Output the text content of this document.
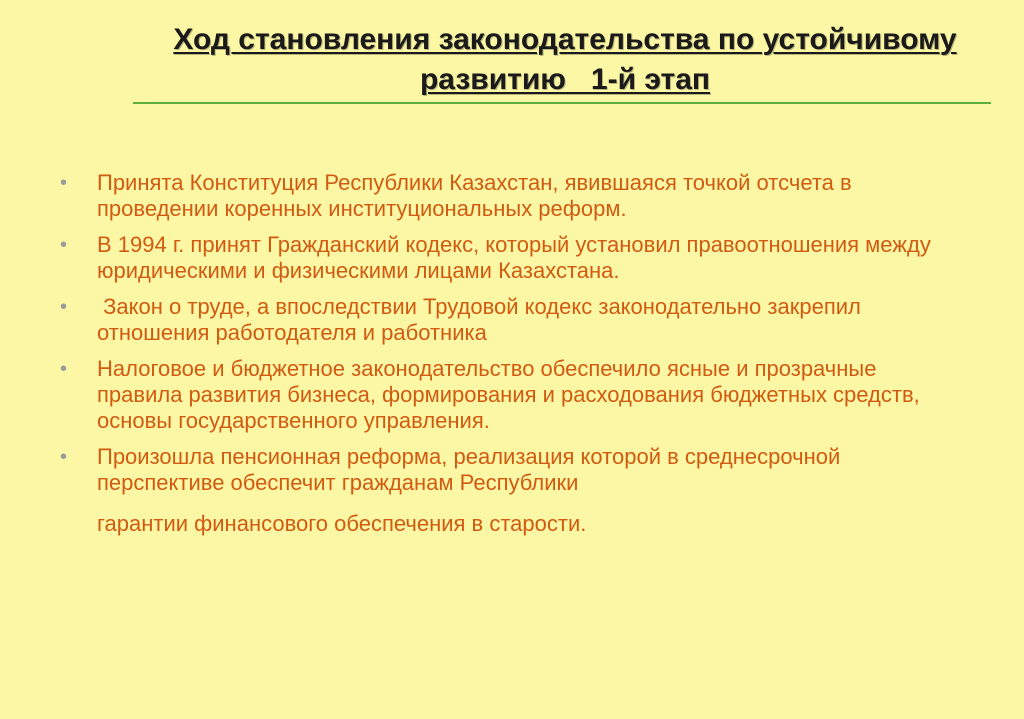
Ход становления законодательства по устойчивому
развитию   1-й этап
• Принята Конституция Республики Казахстан, явившаяся точкой отсчета в проведении коренных институциональных реформ.
• В 1994 г. принят Гражданский кодекс, который установил правоотношения между юридическими и физическими лицами Казахстана.
• Закон о труде, а впоследствии Трудовой кодекс законодательно закрепил отношения работодателя и работника
• Налоговое и бюджетное законодательство обеспечило ясные и прозрачные правила развития бизнеса, формирования и расходования бюджетных средств, основы государственного управления.
• Произошла пенсионная реформа, реализация которой в среднесрочной перспективе обеспечит гражданам Республики
гарантии финансового обеспечения в старости.
